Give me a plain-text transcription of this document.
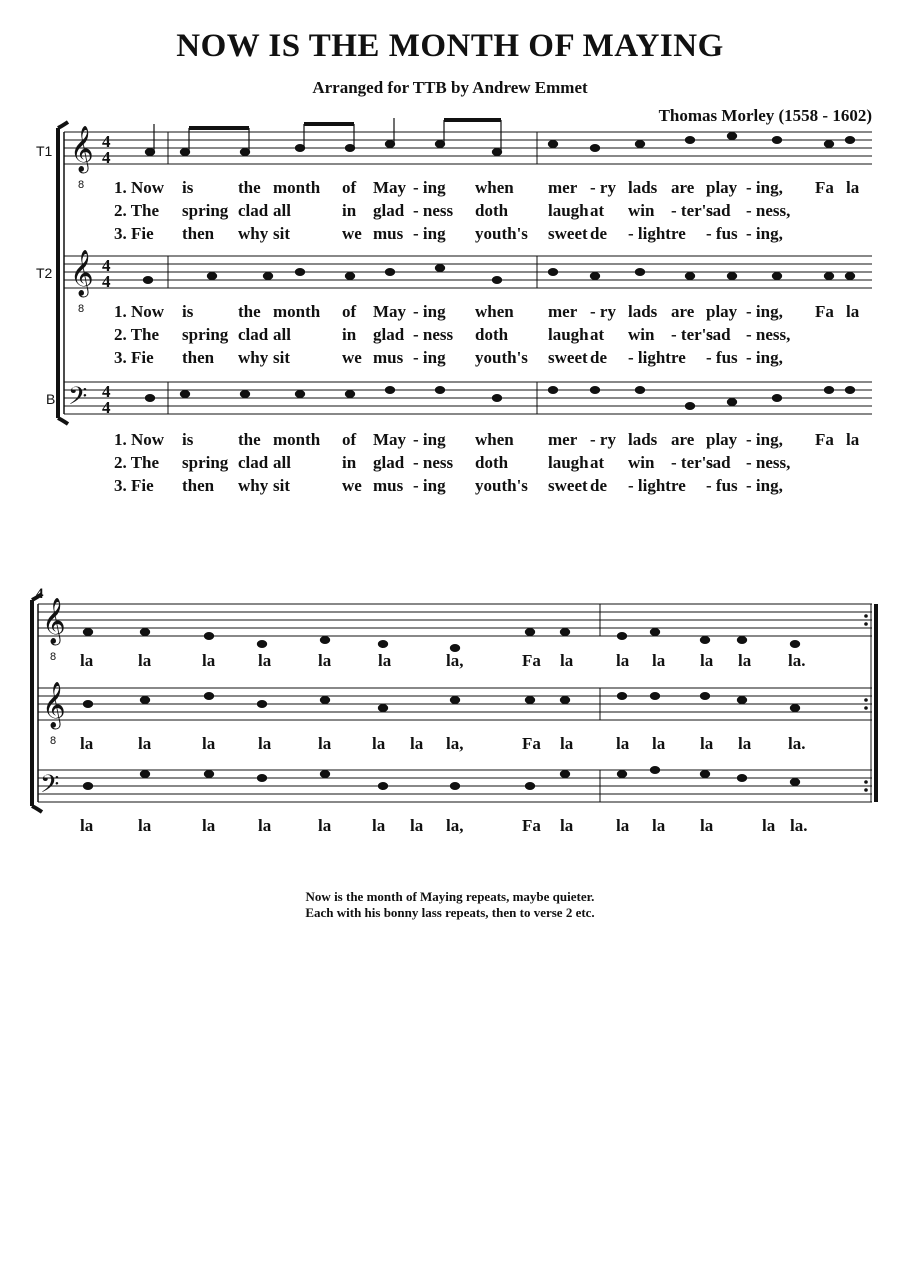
NOW IS THE MONTH OF MAYING
Arranged for TTB by Andrew Emmet
Thomas Morley (1558 - 1602)
T1
T2
B
𝄞
𝄞
𝄢
𝄞
𝄞
𝄢
4
4
4
4
4
4
8
8
8
8
4
1. Now is	the month of May - ing when mer - ry lads are play - ing, Fa la
2. The spring clad all	in glad - ness doth laugh at win - ter's
sad - ness,
3. Fie then why sit	we mus - ing youth's sweet de - light re - fus - ing,
1. Now is	the month of May - ing when mer - ry lads are play - ing, Fa la
2. The spring clad all	in glad - ness doth laugh at win - ter's
sad - ness,
3. Fie then why sit	we mus - ing youth's sweet de - light re - fus - ing,
1. Now is	the month of May - ing when mer - ry lads are play - ing, Fa la
2. The spring clad all	in glad - ness doth laugh at win - ter's
sad - ness,
3. Fie then why sit	we mus - ing youth's sweet de - light re - fus - ing,
la	la	la	la	la	la	la,	Fa la	la la la la la.
la	la	la	la	la la la la,	Fa la	la la la la la.
la	la	la	la	la la la la,	Fa la	la la la	la la.
Now is the month of Maying repeats, maybe quieter.
Each with his bonny lass repeats, then to verse 2 etc.
